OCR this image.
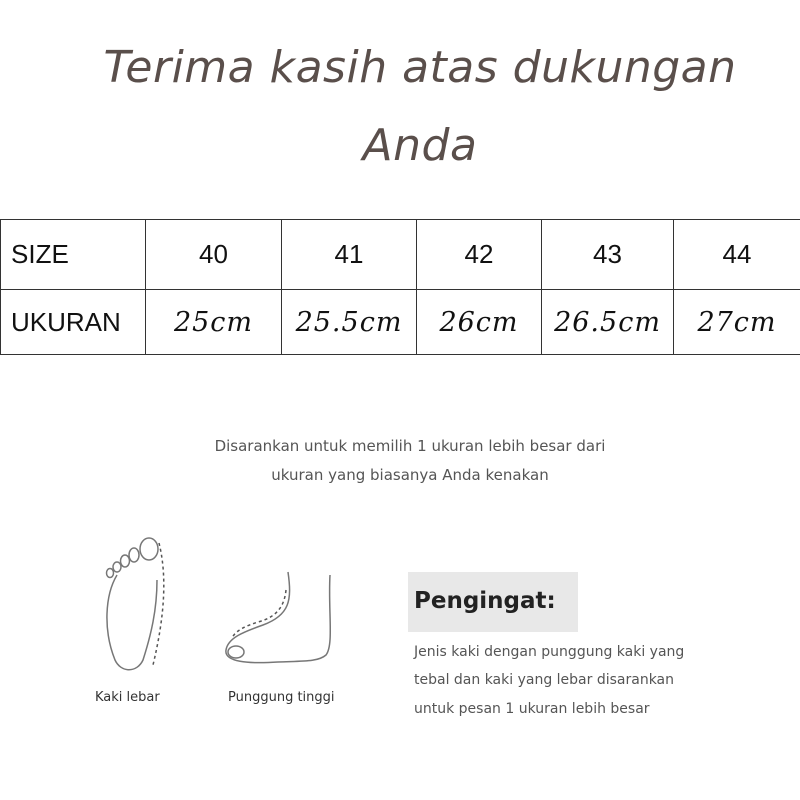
Terima kasih atas dukungan
Anda
SIZE	40	41	42	43	44
UKURAN	25cm	25.5cm	26cm	26.5cm	27cm
Disarankan untuk memilih 1 ukuran lebih besar dari
ukuran yang biasanya Anda kenakan
Kaki lebar	Punggung tinggi
Pengingat:
Jenis kaki dengan punggung kaki yang
tebal dan kaki yang lebar disarankan
untuk pesan 1 ukuran lebih besar
